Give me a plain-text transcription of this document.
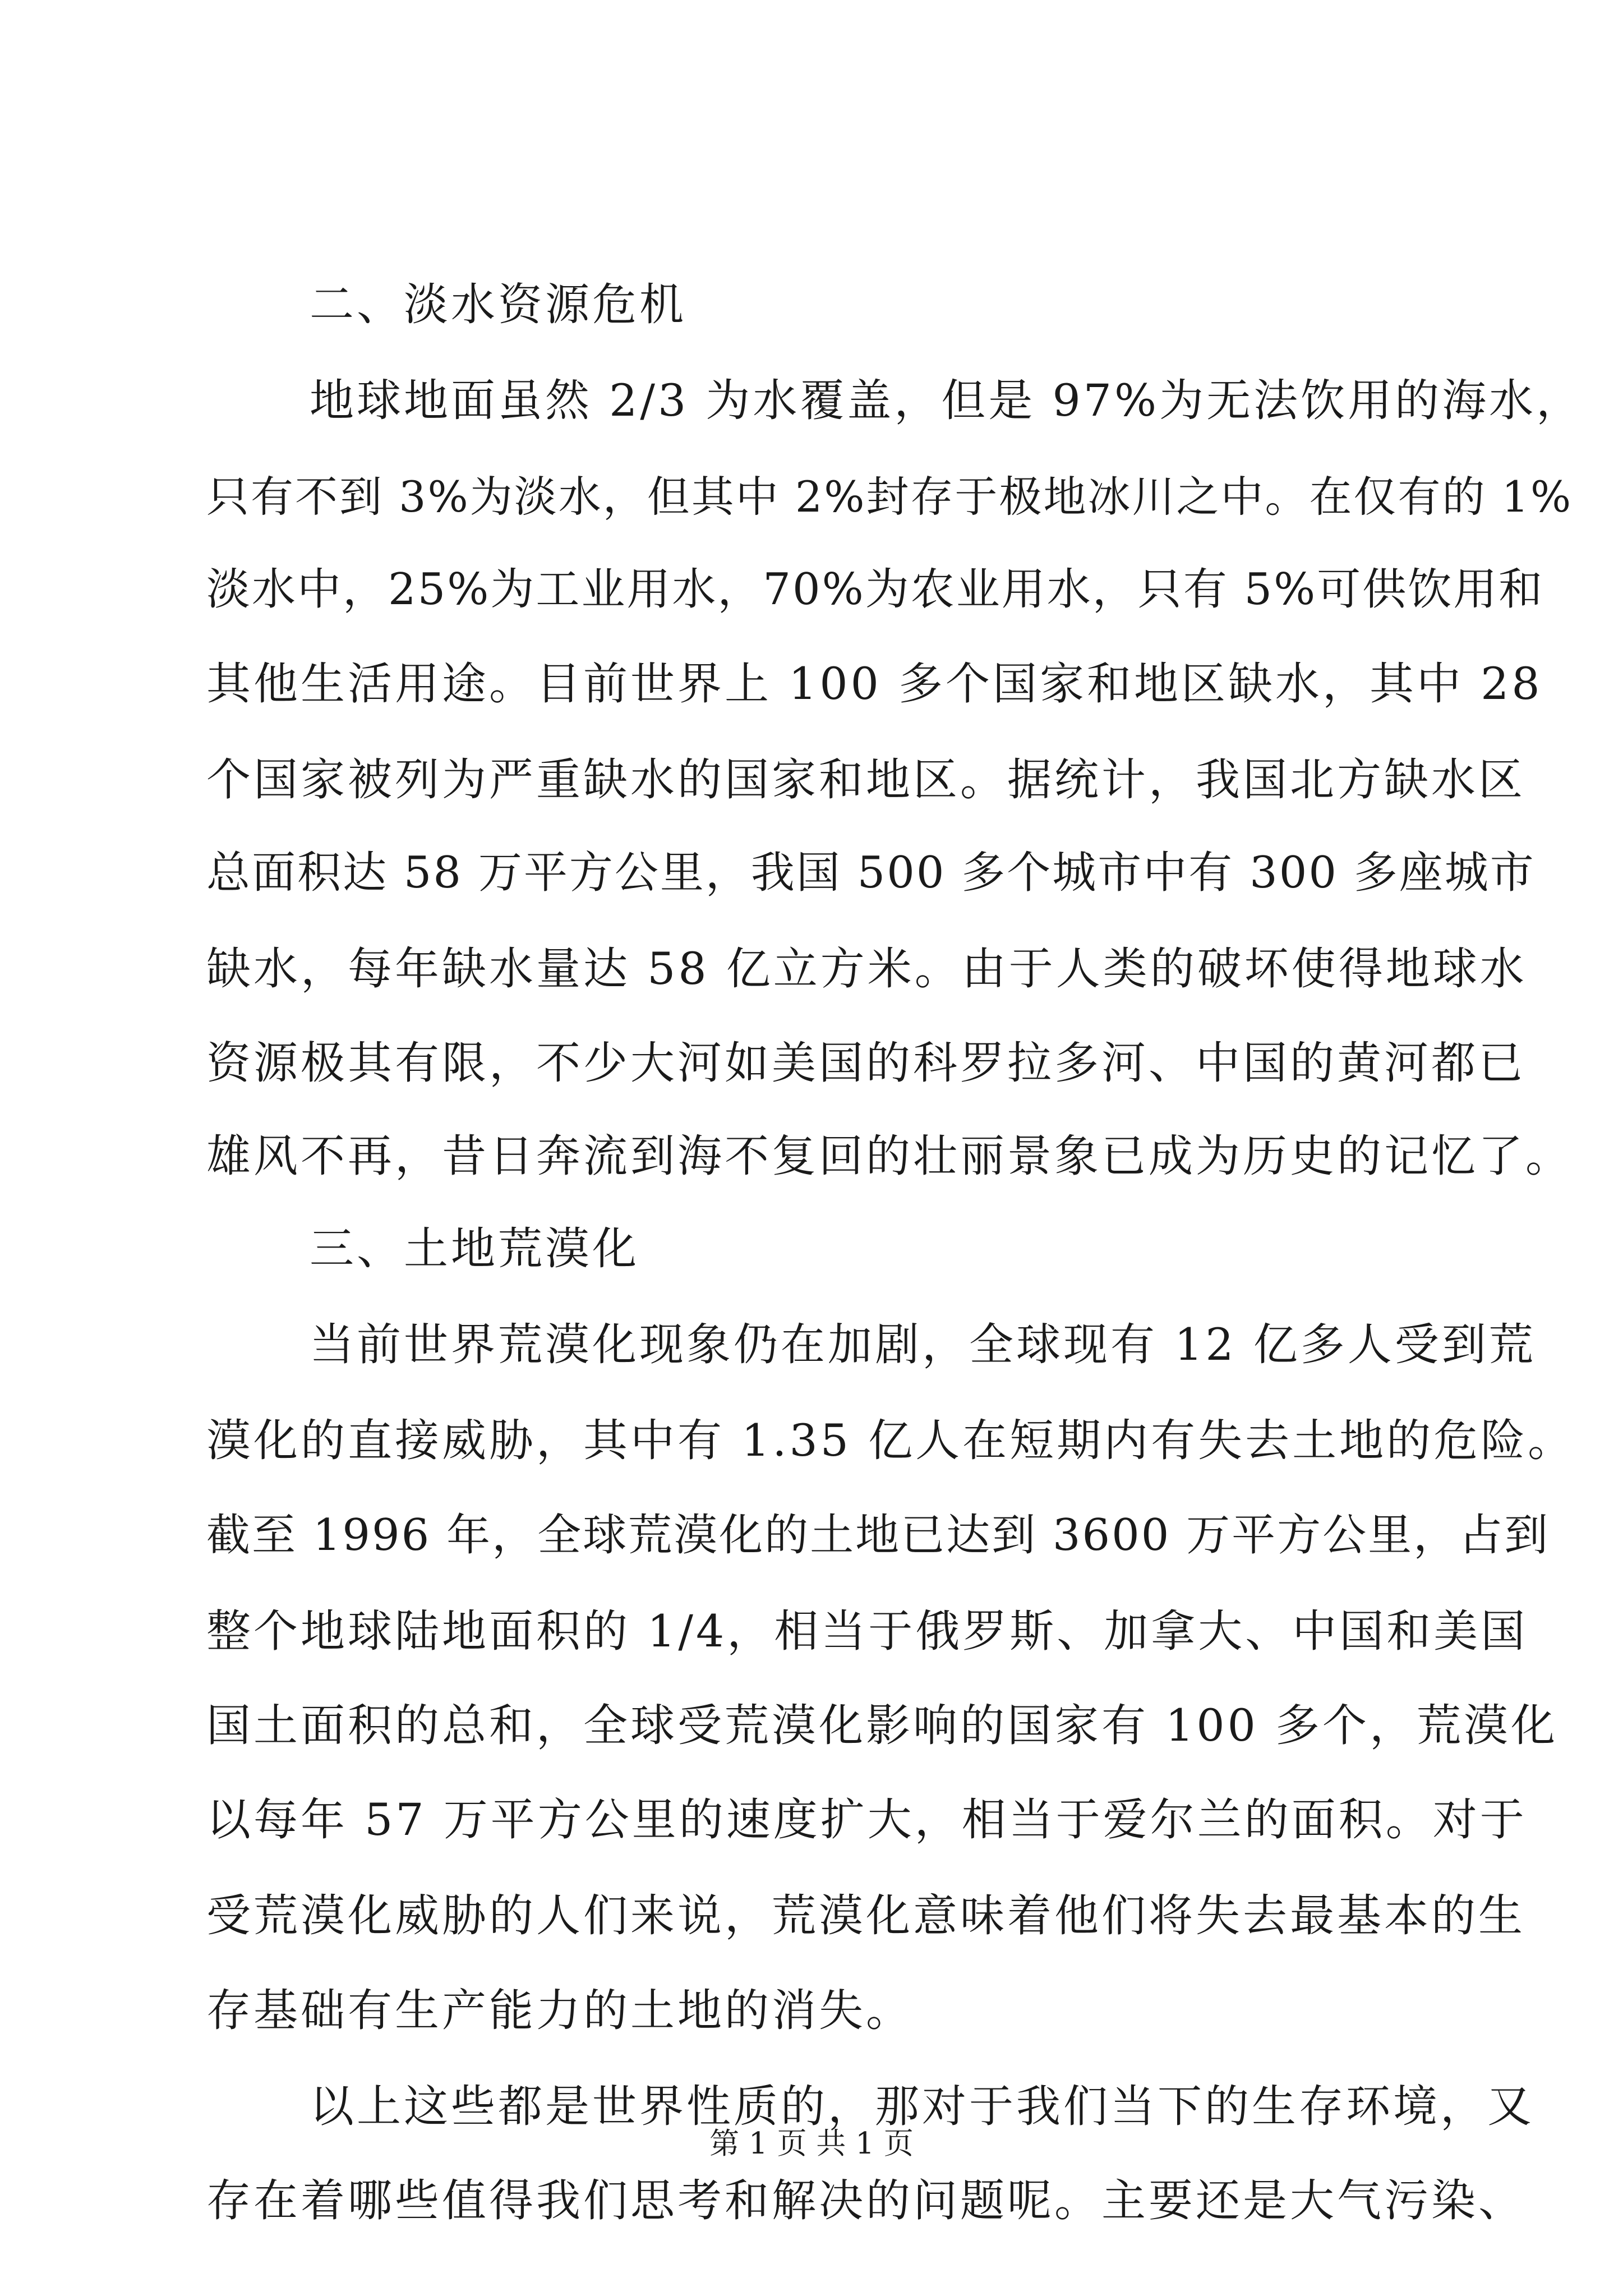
二、淡水资源危机
地球地面虽然 2/3 为水覆盖，但是 97%为无法饮用的海水，
只有不到 3%为淡水，但其中 2%封存于极地冰川之中。在仅有的 1%
淡水中，25%为工业用水，70%为农业用水，只有 5%可供饮用和
其他生活用途。目前世界上 100 多个国家和地区缺水，其中 28
个国家被列为严重缺水的国家和地区。据统计，我国北方缺水区
总面积达 58 万平方公里，我国 500 多个城市中有 300 多座城市
缺水，每年缺水量达 58 亿立方米。由于人类的破坏使得地球水
资源极其有限，不少大河如美国的科罗拉多河、中国的黄河都已
雄风不再，昔日奔流到海不复回的壮丽景象已成为历史的记忆了。
三、土地荒漠化
当前世界荒漠化现象仍在加剧，全球现有 12 亿多人受到荒
漠化的直接威胁，其中有 1.35 亿人在短期内有失去土地的危险。
截至 1996 年，全球荒漠化的土地已达到 3600 万平方公里，占到
整个地球陆地面积的 1/4，相当于俄罗斯、加拿大、中国和美国
国土面积的总和，全球受荒漠化影响的国家有 100 多个，荒漠化
以每年 57 万平方公里的速度扩大，相当于爱尔兰的面积。对于
受荒漠化威胁的人们来说，荒漠化意味着他们将失去最基本的生
存基础有生产能力的土地的消失。
以上这些都是世界性质的，那对于我们当下的生存环境，又
存在着哪些值得我们思考和解决的问题呢。主要还是大气污染、
第 1 页 共 1 页
